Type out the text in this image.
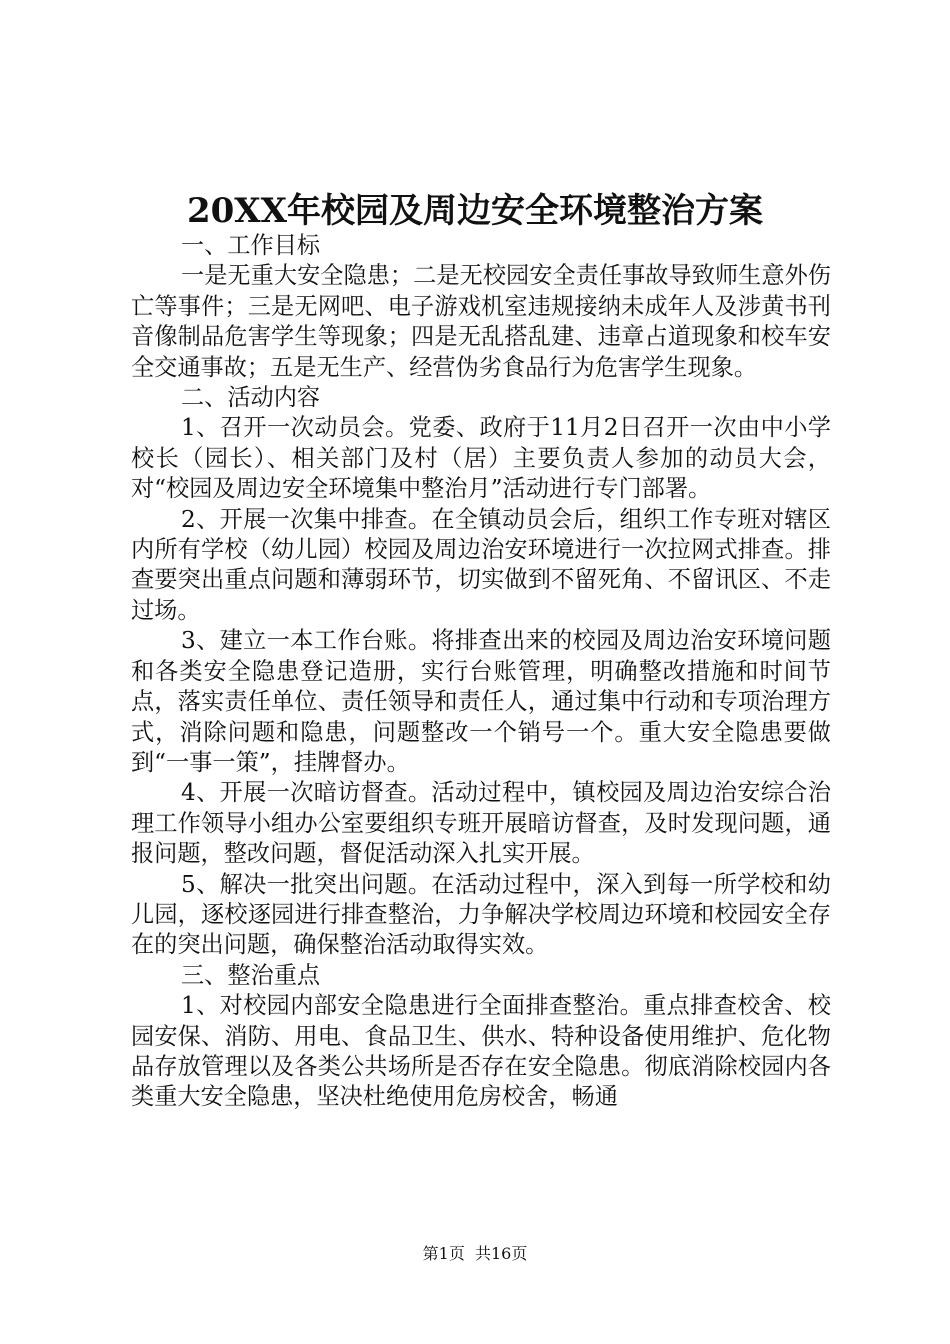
20XX年校园及周边安全环境整治方案

一、工作目标

一是无重大安全隐患；二是无校园安全责任事故导致师生意外伤亡等事件；三是无网吧、电子游戏机室违规接纳未成年人及涉黄书刊音像制品危害学生等现象；四是无乱搭乱建、违章占道现象和校车安全交通事故；五是无生产、经营伪劣食品行为危害学生现象。

二、活动内容

1、召开一次动员会。党委、政府于11月2日召开一次由中小学校长（园长）、相关部门及村（居）主要负责人参加的动员大会，对“校园及周边安全环境集中整治月”活动进行专门部署。

2、开展一次集中排查。在全镇动员会后，组织工作专班对辖区内所有学校（幼儿园）校园及周边治安环境进行一次拉网式排查。排查要突出重点问题和薄弱环节，切实做到不留死角、不留讯区、不走过场。

3、建立一本工作台账。将排查出来的校园及周边治安环境问题和各类安全隐患登记造册，实行台账管理，明确整改措施和时间节点，落实责任单位、责任领导和责任人，通过集中行动和专项治理方式，消除问题和隐患，问题整改一个销号一个。重大安全隐患要做到“一事一策”，挂牌督办。

4、开展一次暗访督查。活动过程中，镇校园及周边治安综合治理工作领导小组办公室要组织专班开展暗访督查，及时发现问题，通报问题，整改问题，督促活动深入扎实开展。

5、解决一批突出问题。在活动过程中，深入到每一所学校和幼儿园，逐校逐园进行排查整治，力争解决学校周边环境和校园安全存在的突出问题，确保整治活动取得实效。

三、整治重点

1、对校园内部安全隐患进行全面排查整治。重点排查校舍、校园安保、消防、用电、食品卫生、供水、特种设备使用维护、危化物品存放管理以及各类公共场所是否存在安全隐患。彻底消除校园内各类重大安全隐患，坚决杜绝使用危房校舍，畅通

第1页  共16页
